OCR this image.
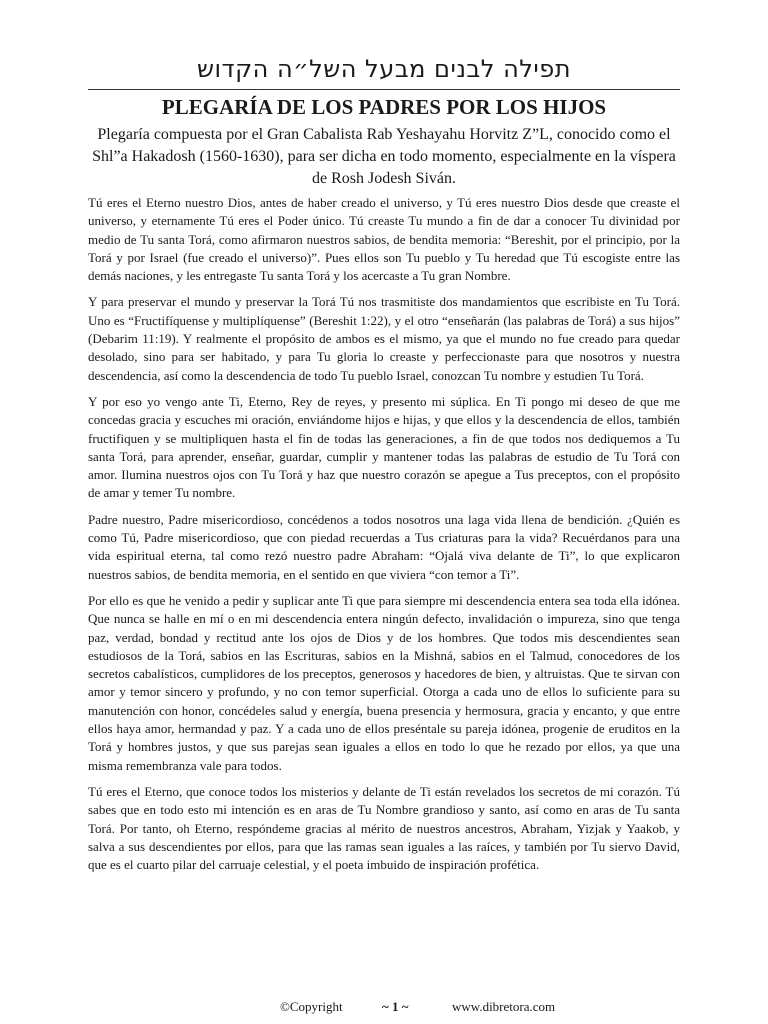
תפילה לבנים מבעל השל״ה הקדוש
PLEGARÍA DE LOS PADRES POR LOS HIJOS
Plegaría compuesta por el Gran Cabalista Rab Yeshayahu Horvitz Z”L, conocido como el Shl”a Hakadosh (1560-1630), para ser dicha en todo momento, especialmente en la víspera de Rosh Jodesh Siván.

Tú eres el Eterno nuestro Dios, antes de haber creado el universo, y Tú eres nuestro Dios desde que creaste el universo, y eternamente Tú eres el Poder único. Tú creaste Tu mundo a fin de dar a conocer Tu divinidad por medio de Tu santa Torá, como afirmaron nuestros sabios, de bendita memoria: “Bereshit, por el principio, por la Torá y por Israel (fue creado el universo)”. Pues ellos son Tu pueblo y Tu heredad que Tú escogiste entre las demás naciones, y les entregaste Tu santa Torá y los acercaste a Tu gran Nombre.

Y para preservar el mundo y preservar la Torá Tú nos trasmitiste dos mandamientos que escribiste en Tu Torá. Uno es “Fructifíquense y multiplíquense” (Bereshit 1:22), y el otro “enseñarán (las palabras de Torá) a sus hijos” (Debarim 11:19). Y realmente el propósito de ambos es el mismo, ya que el mundo no fue creado para quedar desolado, sino para ser habitado, y para Tu gloria lo creaste y perfeccionaste para que nosotros y nuestra descendencia, así como la descendencia de todo Tu pueblo Israel, conozcan Tu nombre y estudien Tu Torá.

Y por eso yo vengo ante Ti, Eterno, Rey de reyes, y presento mi súplica. En Ti pongo mi deseo de que me concedas gracia y escuches mi oración, enviándome hijos e hijas, y que ellos y la descendencia de ellos, también fructifiquen y se multipliquen hasta el fin de todas las generaciones, a fin de que todos nos dediquemos a Tu santa Torá, para aprender, enseñar, guardar, cumplir y mantener todas las palabras de estudio de Tu Torá con amor. Ilumina nuestros ojos con Tu Torá y haz que nuestro corazón se apegue a Tus preceptos, con el propósito de amar y temer Tu nombre.

Padre nuestro, Padre misericordioso, concédenos a todos nosotros una laga vida llena de bendición. ¿Quién es como Tú, Padre misericordioso, que con piedad recuerdas a Tus criaturas para la vida? Recuérdanos para una vida espiritual eterna, tal como rezó nuestro padre Abraham: “Ojalá viva delante de Ti”, lo que explicaron nuestros sabios, de bendita memoria, en el sentido en que viviera “con temor a Ti”.

Por ello es que he venido a pedir y suplicar ante Ti que para siempre mi descendencia entera sea toda ella idónea. Que nunca se halle en mí o en mi descendencia entera ningún defecto, invalidación o impureza, sino que tenga paz, verdad, bondad y rectitud ante los ojos de Dios y de los hombres. Que todos mis descendientes sean estudiosos de la Torá, sabios en las Escrituras, sabios en la Mishná, sabios en el Talmud, conocedores de los secretos cabalísticos, cumplidores de los preceptos, generosos y hacedores de bien, y altruistas. Que te sirvan con amor y temor sincero y profundo, y no con temor superficial. Otorga a cada uno de ellos lo suficiente para su manutención con honor, concédeles salud y energía, buena presencia y hermosura, gracia y encanto, y que entre ellos haya amor, hermandad y paz. Y a cada uno de ellos preséntale su pareja idónea, progenie de eruditos en la Torá y hombres justos, y que sus parejas sean iguales a ellos en todo lo que he rezado por ellos, ya que una misma remembranza vale para todos.

Tú eres el Eterno, que conoce todos los misterios y delante de Ti están revelados los secretos de mi corazón. Tú sabes que en todo esto mi intención es en aras de Tu Nombre grandioso y santo, así como en aras de Tu santa Torá. Por tanto, oh Eterno, respóndeme gracias al mérito de nuestros ancestros, Abraham, Yizjak y Yaakob, y salva a sus descendientes por ellos, para que las ramas sean iguales a las raíces, y también por Tu siervo David, que es el cuarto pilar del carruaje celestial, y el poeta imbuido de inspiración profética.

©Copyright	~ 1 ~	www.dibretora.com
